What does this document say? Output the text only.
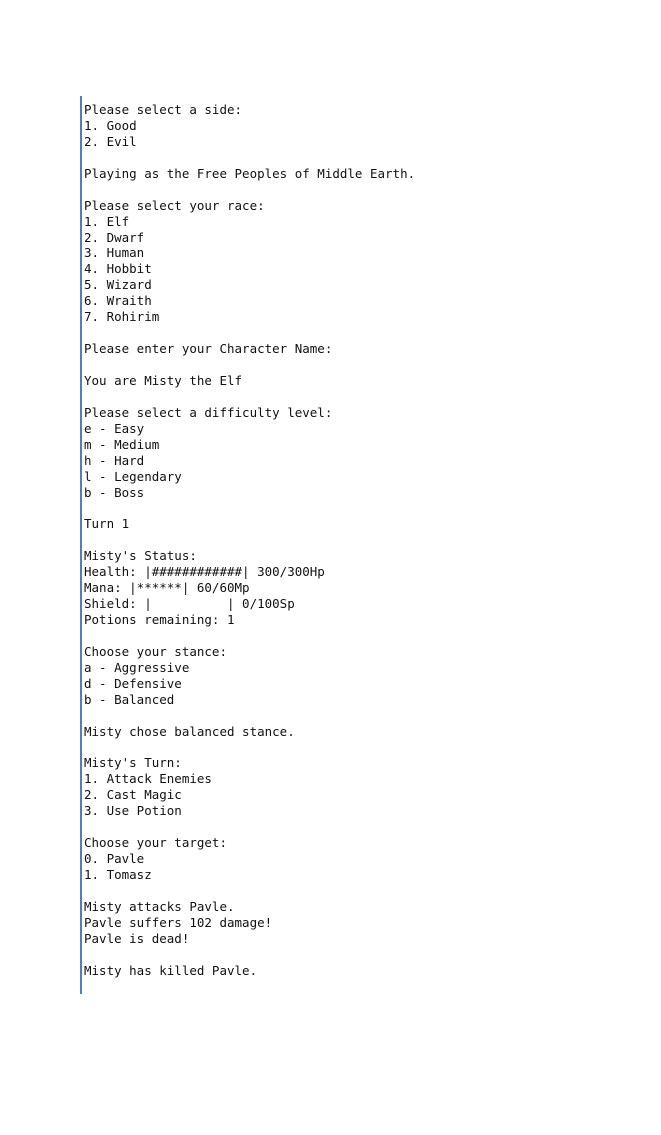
Please select a side:
1. Good
2. Evil
Playing as the Free Peoples of Middle Earth.
Please select your race:
1. Elf
2. Dwarf
3. Human
4. Hobbit
5. Wizard
6. Wraith
7. Rohirim
Please enter your Character Name:
You are Misty the Elf
Please select a difficulty level:
e - Easy
m - Medium
h - Hard
l - Legendary
b - Boss
Turn 1
Misty's Status:
Health: |############| 300/300Hp
Mana: |******| 60/60Mp
Shield: |          | 0/100Sp
Potions remaining: 1
Choose your stance:
a - Aggressive
d - Defensive
b - Balanced
Misty chose balanced stance.
Misty's Turn:
1. Attack Enemies
2. Cast Magic
3. Use Potion
Choose your target:
0. Pavle
1. Tomasz
Misty attacks Pavle.
Pavle suffers 102 damage!
Pavle is dead!
Misty has killed Pavle.
